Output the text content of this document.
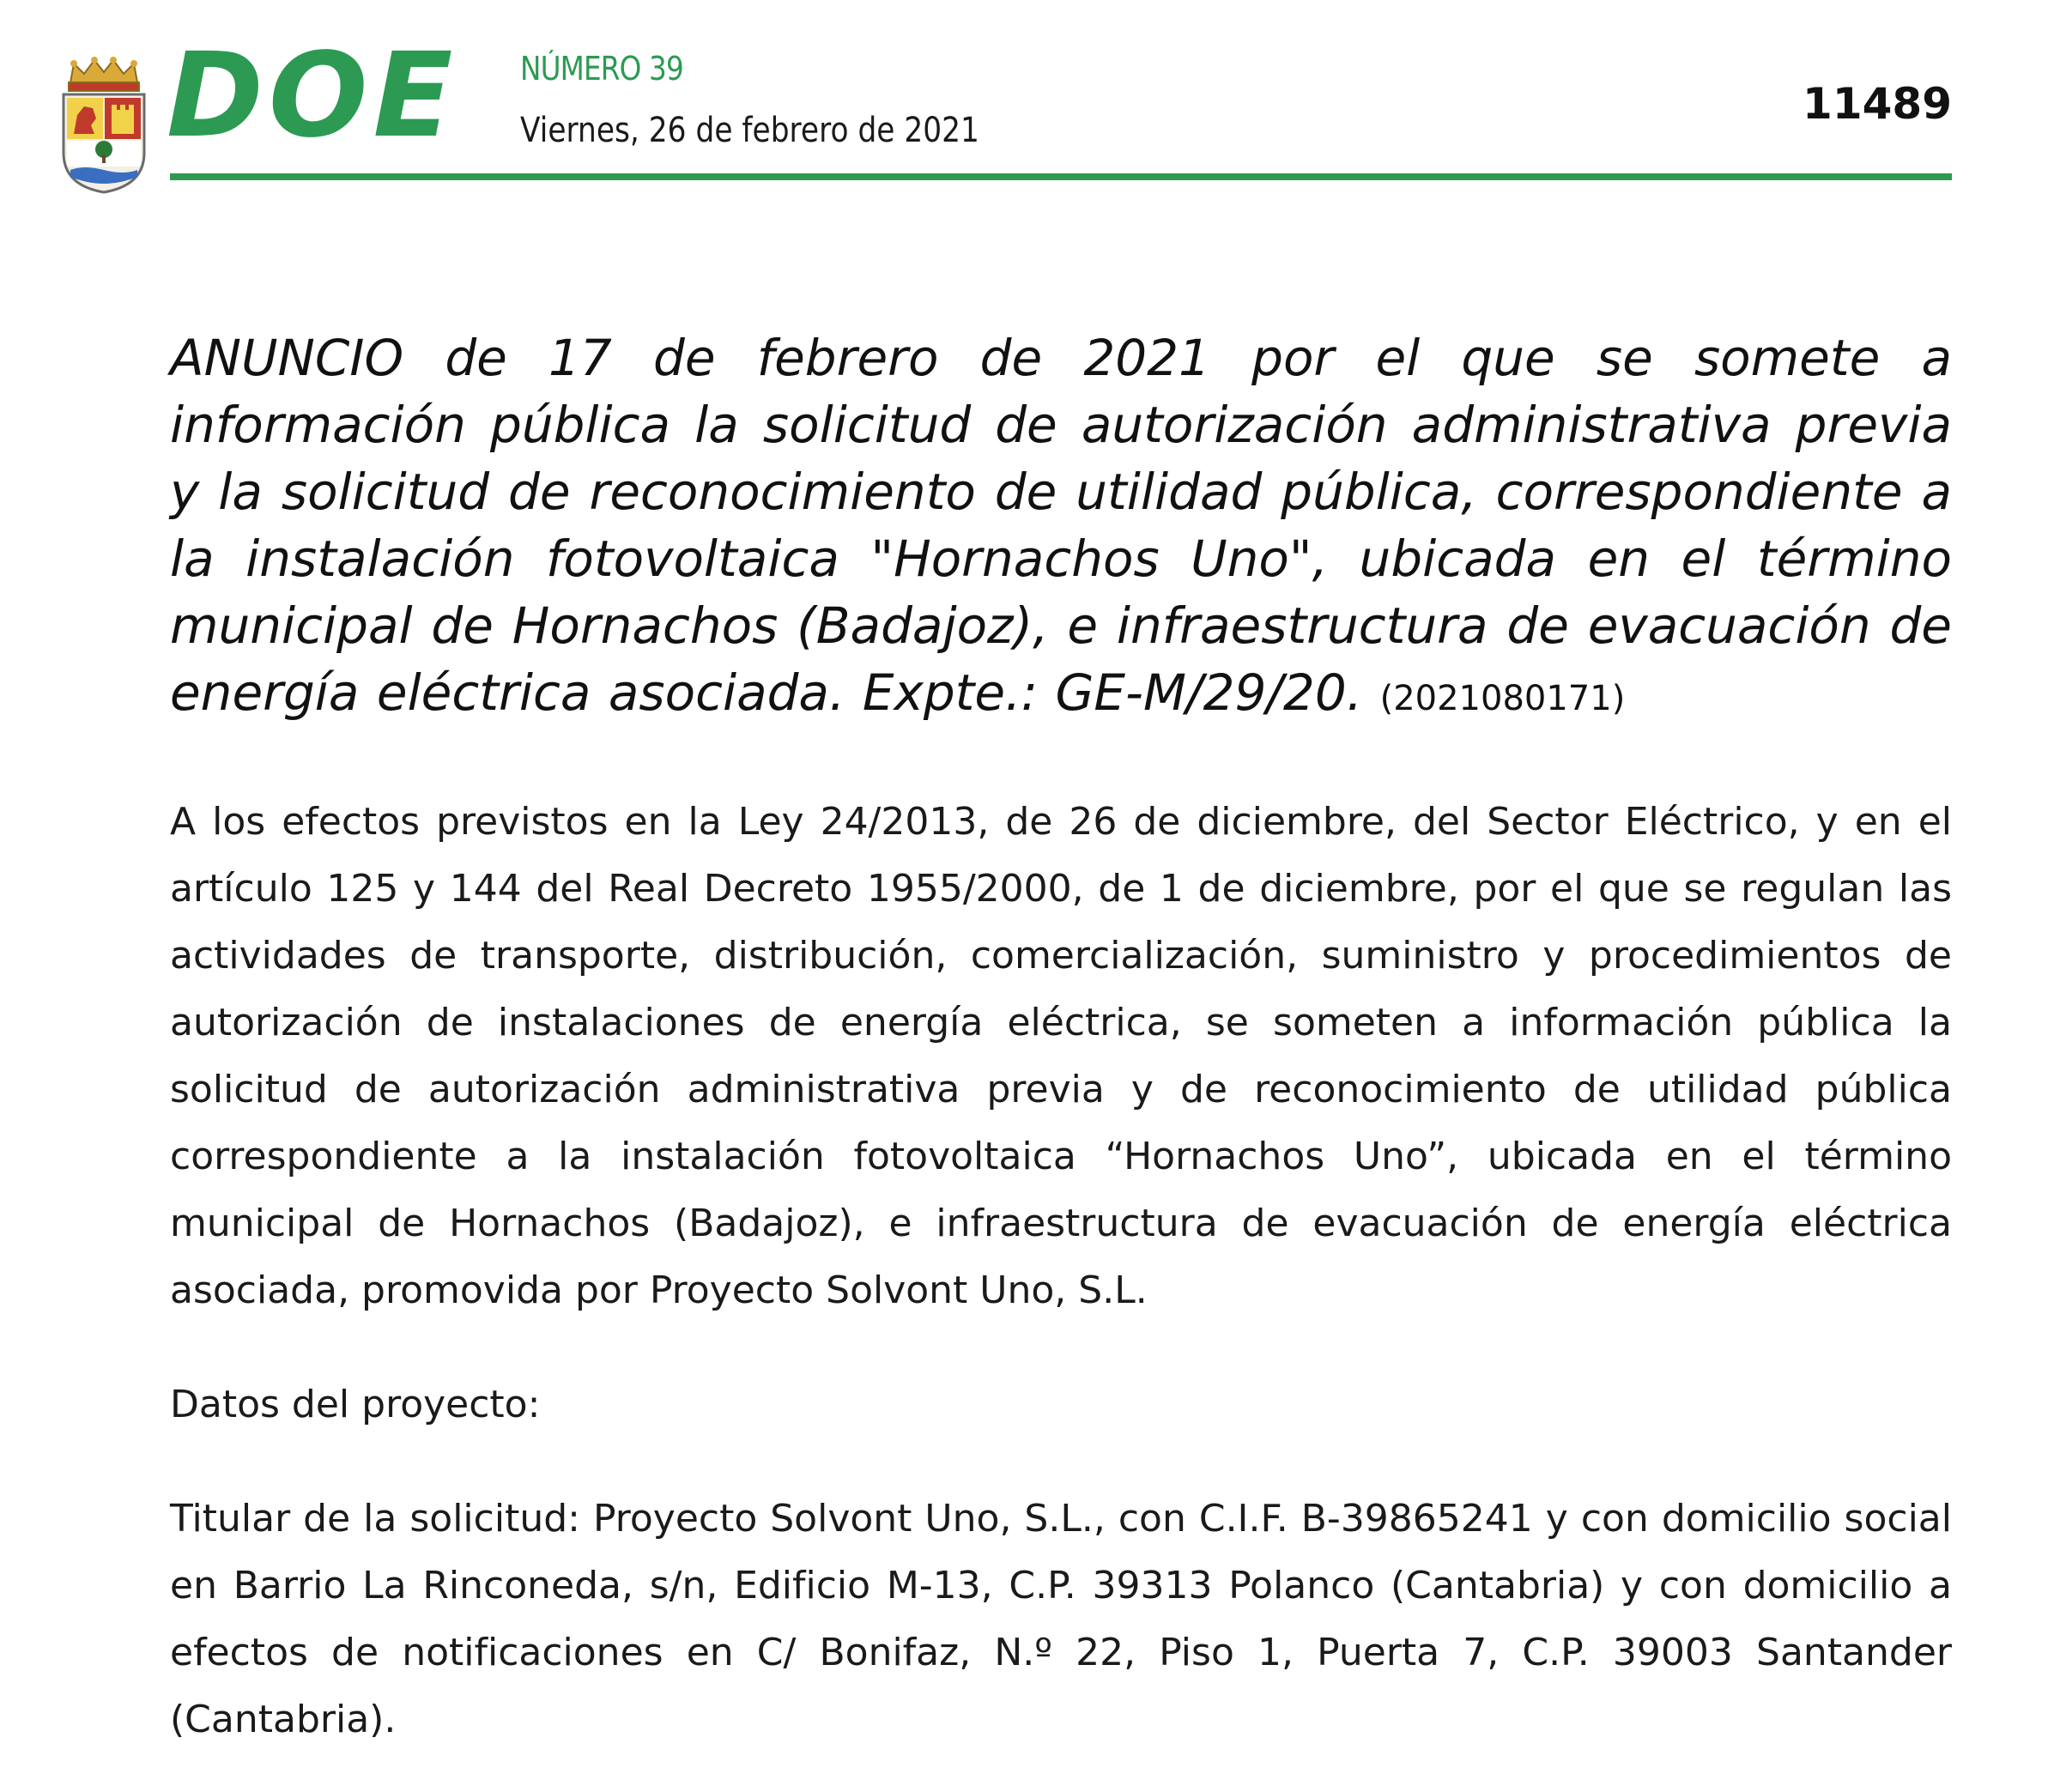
DOE NÚMERO 39
Viernes, 26 de febrero de 2021
11489

ANUNCIO de 17 de febrero de 2021 por el que se somete a información pública la solicitud de autorización administrativa previa y la solicitud de reconocimiento de utilidad pública, correspondiente a la instalación fotovoltaica "Hornachos Uno", ubicada en el término municipal de Hornachos (Badajoz), e infraestructura de evacuación de energía eléctrica asociada. Expte.: GE-M/29/20. (2021080171)

A los efectos previstos en la Ley 24/2013, de 26 de diciembre, del Sector Eléctrico, y en el artículo 125 y 144 del Real Decreto 1955/2000, de 1 de diciembre, por el que se regulan las actividades de transporte, distribución, comercialización, suministro y procedimientos de autorización de instalaciones de energía eléctrica, se someten a información pública la solicitud de autorización administrativa previa y de reconocimiento de utilidad pública correspondiente a la instalación fotovoltaica “Hornachos Uno”, ubicada en el término municipal de Hornachos (Badajoz), e infraestructura de evacuación de energía eléctrica asociada, promovida por Proyecto Solvont Uno, S.L.

Datos del proyecto:

Titular de la solicitud: Proyecto Solvont Uno, S.L., con C.I.F. B-39865241 y con domicilio social en Barrio La Rinconeda, s/n, Edificio M-13, C.P. 39313 Polanco (Cantabria) y con domicilio a efectos de notificaciones en C/ Bonifaz, N.º 22, Piso 1, Puerta 7, C.P. 39003 Santander (Cantabria).
